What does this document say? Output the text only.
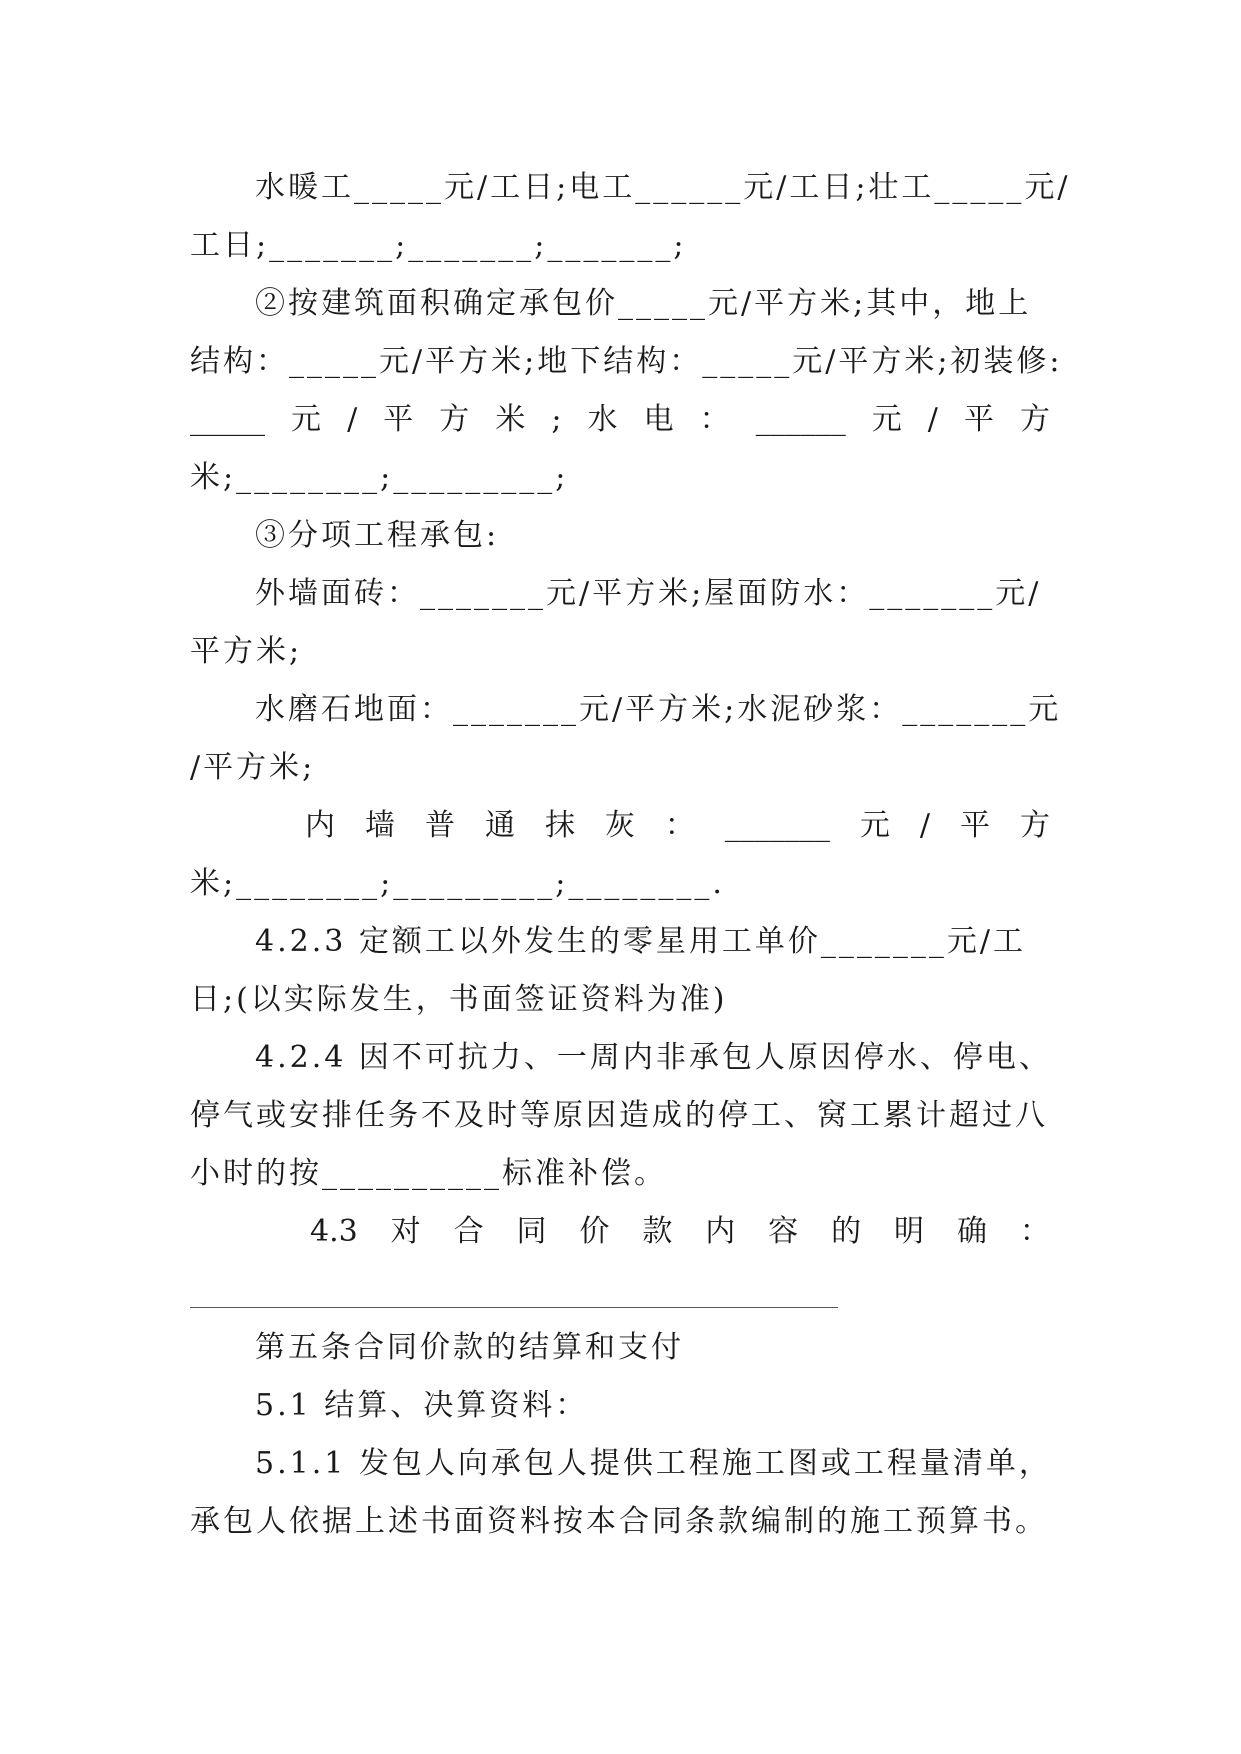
水暖工_____元/工日;电工______元/工日;壮工_____元/
工日;_______;_______;_______;
②按建筑面积确定承包价_____元/平方米;其中，地上
结构：_____元/平方米;地下结构：_____元/平方米;初装修:
_____ 元 / 平 方 米 ; 水 电 ： ______ 元 / 平 方
米;________;_________;
③分项工程承包:
外墙面砖：_______元/平方米;屋面防水：_______元/
平方米;
水磨石地面：_______元/平方米;水泥砂浆：_______元
/平方米;
内 墙 普 通 抹 灰 ： _______ 元 / 平 方
米;________;_________;________.
4.2.3 定额工以外发生的零星用工单价_______元/工
日;(以实际发生，书面签证资料为准)
4.2.4 因不可抗力、一周内非承包人原因停水、停电、
停气或安排任务不及时等原因造成的停工、窝工累计超过八
小时的按__________标准补偿。
4.3 对 合 同 价 款 内 容 的 明 确 ：
第五条合同价款的结算和支付
5.1 结算、决算资料：
5.1.1 发包人向承包人提供工程施工图或工程量清单，
承包人依据上述书面资料按本合同条款编制的施工预算书。
